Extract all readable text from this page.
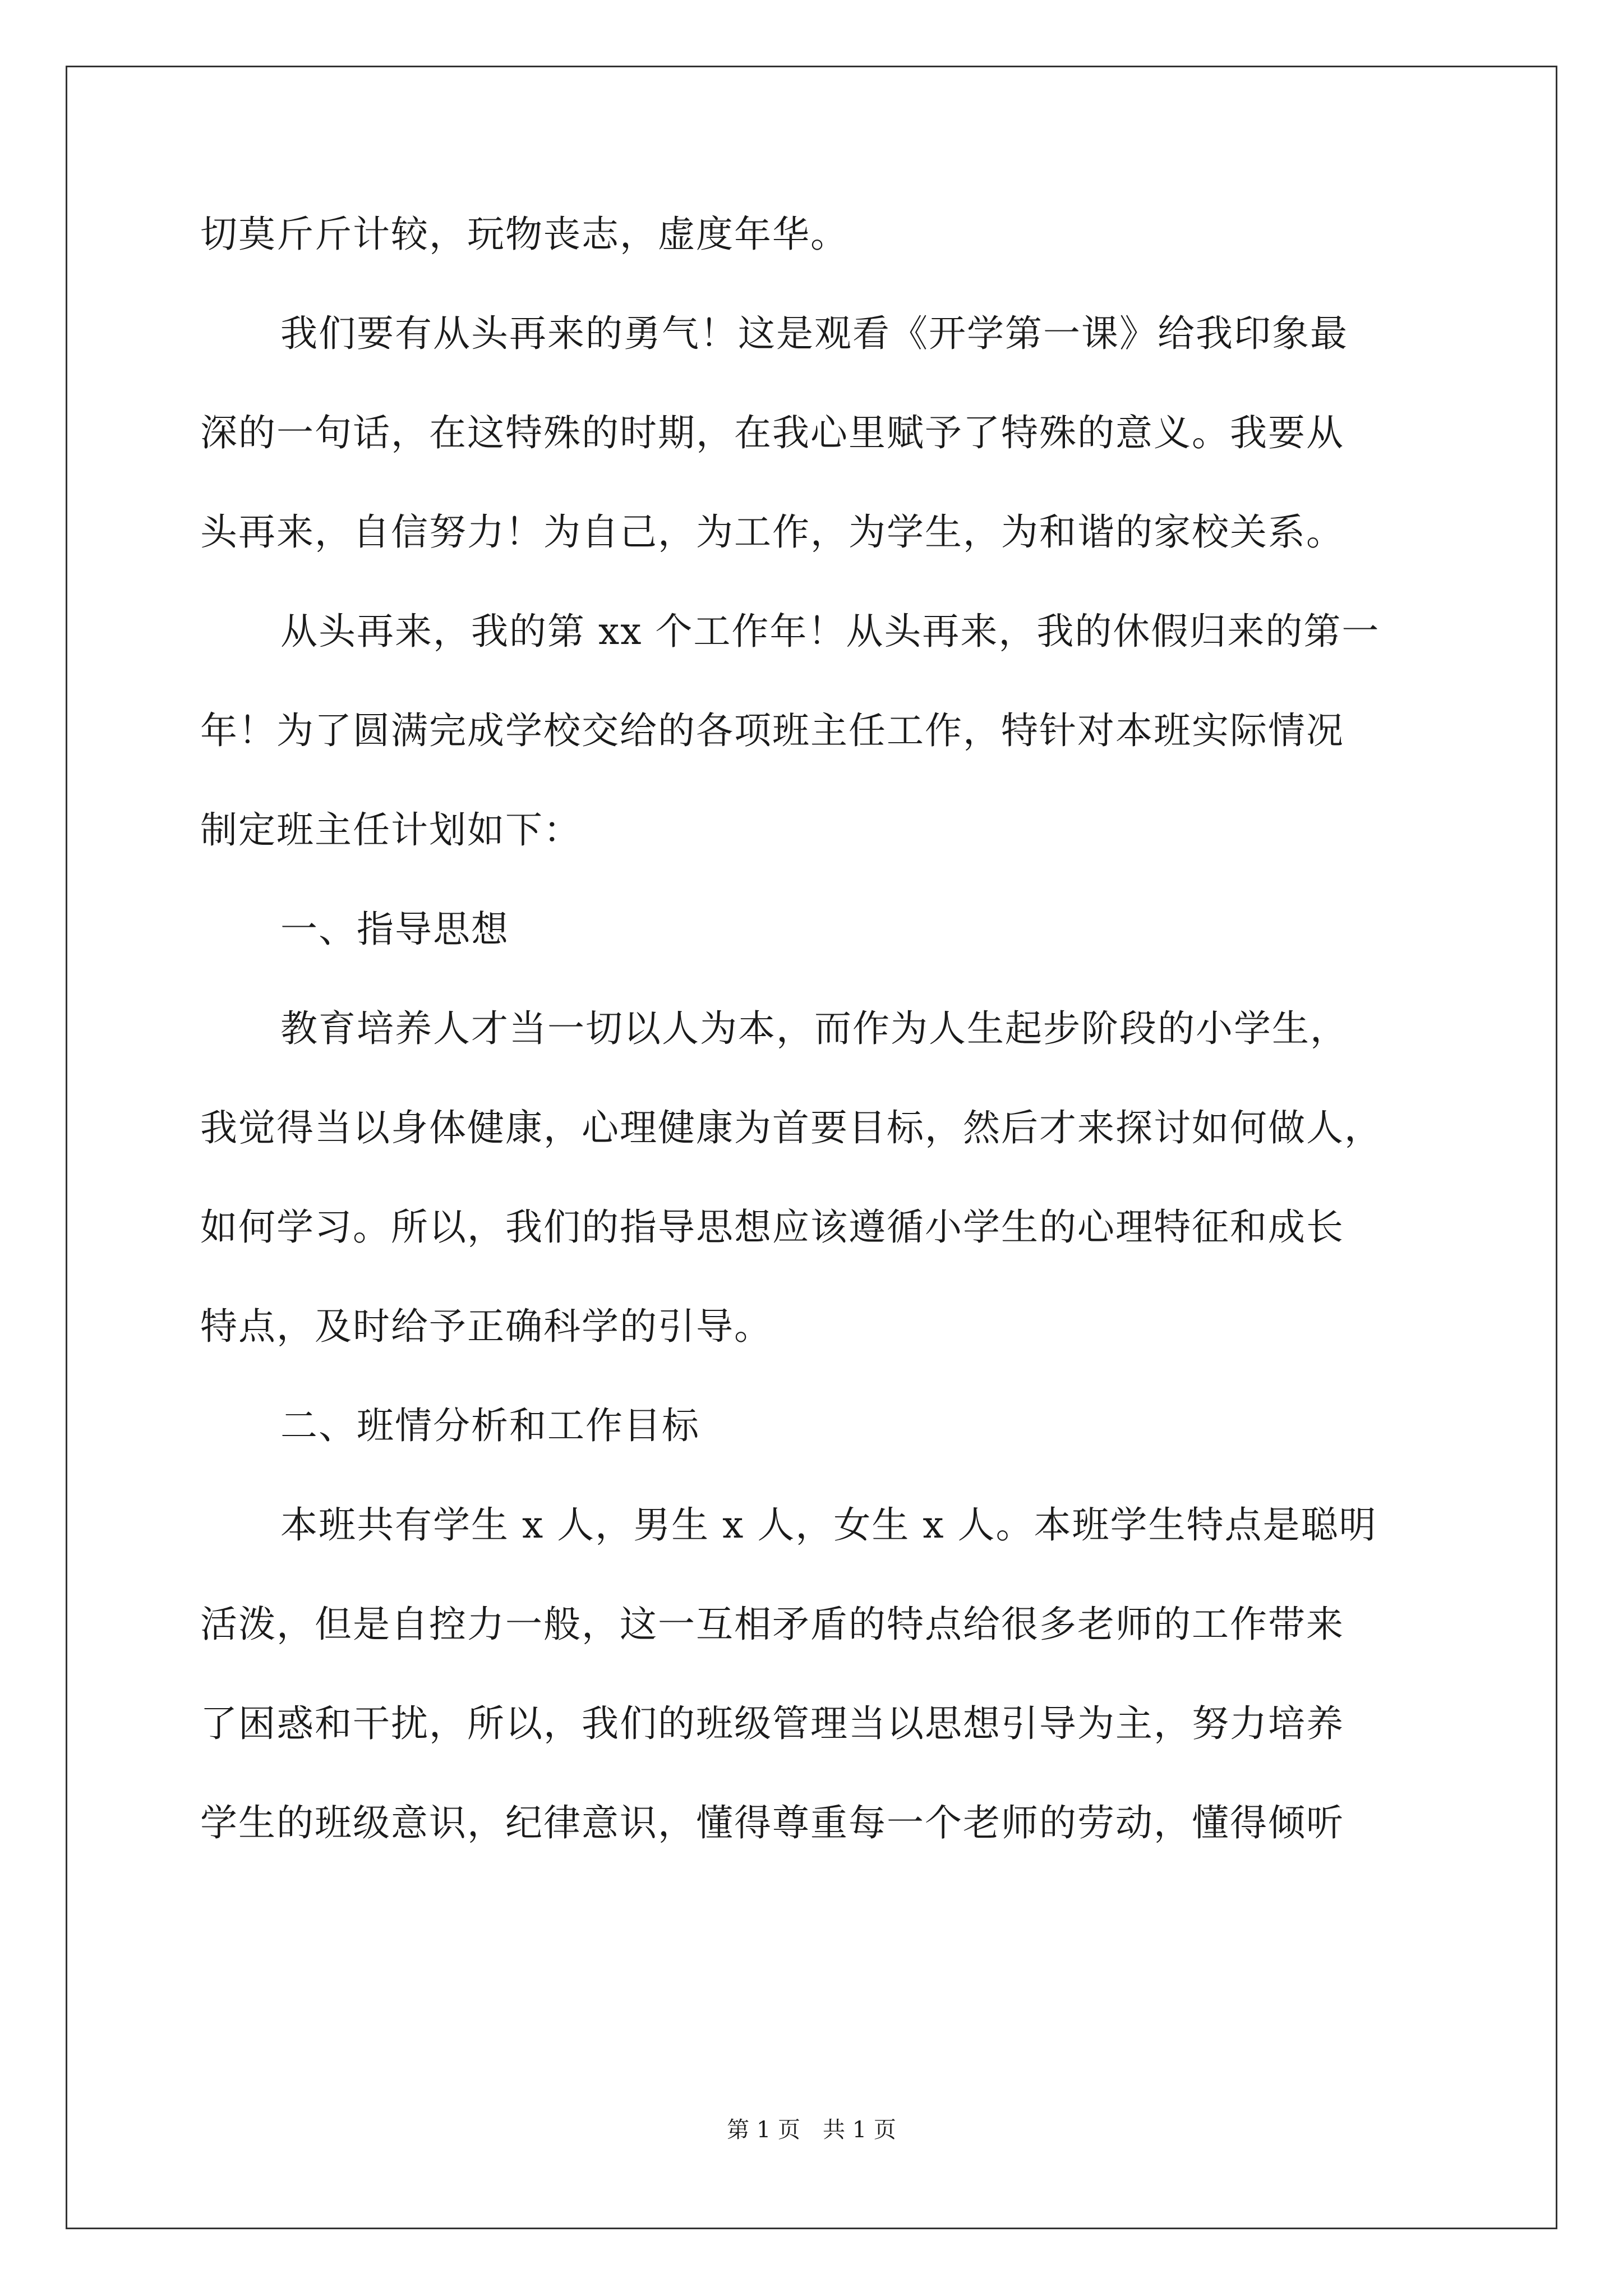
切莫斤斤计较，玩物丧志，虚度年华。
我们要有从头再来的勇气！这是观看《开学第一课》给我印象最
深的一句话，在这特殊的时期，在我心里赋予了特殊的意义。我要从
头再来，自信努力！为自己，为工作，为学生，为和谐的家校关系。
从头再来，我的第 xx 个工作年！从头再来，我的休假归来的第一
年！为了圆满完成学校交给的各项班主任工作，特针对本班实际情况
制定班主任计划如下：
一、指导思想
教育培养人才当一切以人为本，而作为人生起步阶段的小学生，
我觉得当以身体健康，心理健康为首要目标，然后才来探讨如何做人，
如何学习。所以，我们的指导思想应该遵循小学生的心理特征和成长
特点，及时给予正确科学的引导。
二、班情分析和工作目标
本班共有学生 x 人，男生 x 人，女生 x 人。本班学生特点是聪明
活泼，但是自控力一般，这一互相矛盾的特点给很多老师的工作带来
了困惑和干扰，所以，我们的班级管理当以思想引导为主，努力培养
学生的班级意识，纪律意识，懂得尊重每一个老师的劳动，懂得倾听
第 1 页 共 1 页
